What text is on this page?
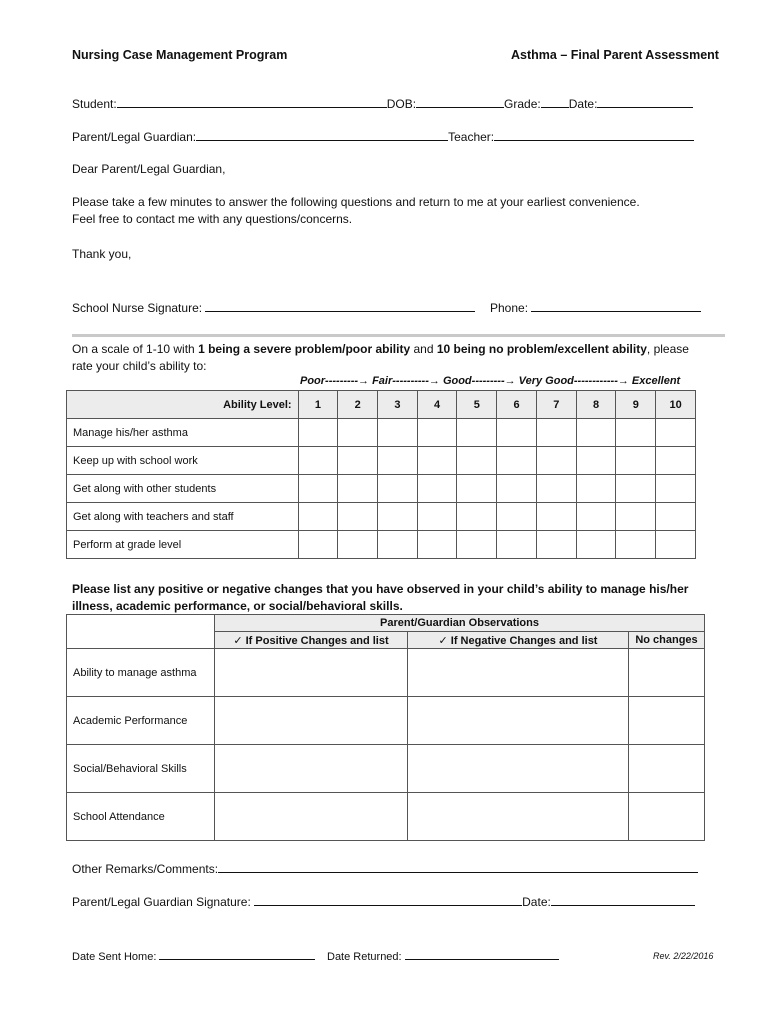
Nursing Case Management Program	Asthma – Final Parent Assessment
Student:	DOB:	Grade: Date:
Parent/Legal Guardian:	Teacher:
Dear Parent/Legal Guardian,
Please take a few minutes to answer the following questions and return to me at your earliest convenience.
Feel free to contact me with any questions/concerns.
Thank you,
School Nurse Signature:	Phone:
On a scale of 1-10 with 1 being a severe problem/poor ability and 10 being no problem/excellent ability, please
rate your child’s ability to:
Poor---------→ Fair----------→ Good---------→ Very Good------------→ Excellent
Ability Level:	1	2	3	4	5	6	7	8	9	10
Manage his/her asthma										
Keep up with school work										
Get along with other students										
Get along with teachers and staff										
Perform at grade level										
Please list any positive or negative changes that you have observed in your child’s ability to manage his/her
illness, academic performance, or social/behavioral skills.
	Parent/Guardian Observations		
	✓ If Positive Changes and list	✓ If Negative Changes and list	No changes
Ability to manage asthma			
Academic Performance			
Social/Behavioral Skills			
School Attendance			
Other Remarks/Comments:
Parent/Legal Guardian Signature:	Date:
Date Sent Home:	Date Returned:	Rev. 2/22/2016
